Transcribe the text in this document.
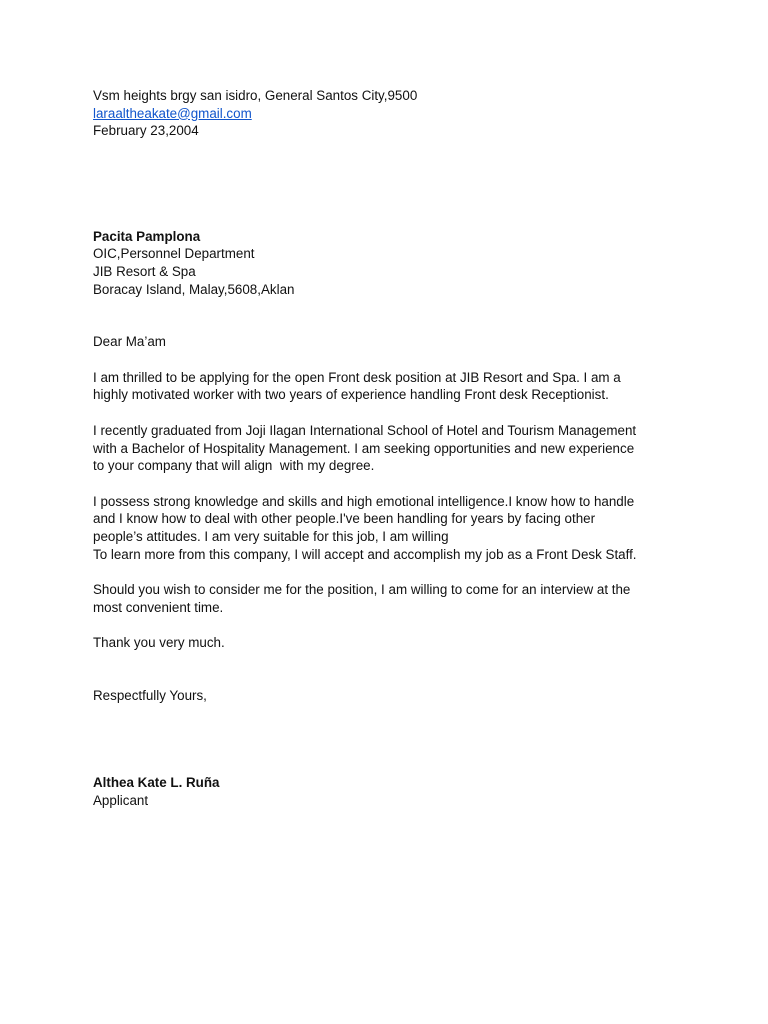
Vsm heights brgy san isidro, General Santos City,9500
laraaltheakate@gmail.com
February 23,2004
Pacita Pamplona
OIC,Personnel Department
JIB Resort & Spa
Boracay Island, Malay,5608,Aklan
Dear Ma’am
I am thrilled to be applying for the open Front desk position at JIB Resort and Spa. I am a
highly motivated worker with two years of experience handling Front desk Receptionist.
I recently graduated from Joji Ilagan International School of Hotel and Tourism Management
with a Bachelor of Hospitality Management. I am seeking opportunities and new experience
to your company that will align  with my degree.
I possess strong knowledge and skills and high emotional intelligence.I know how to handle
and I know how to deal with other people.I've been handling for years by facing other
people’s attitudes. I am very suitable for this job, I am willing
To learn more from this company, I will accept and accomplish my job as a Front Desk Staff.
Should you wish to consider me for the position, I am willing to come for an interview at the
most convenient time.
Thank you very much.
Respectfully Yours,
Althea Kate L. Ruña
Applicant
